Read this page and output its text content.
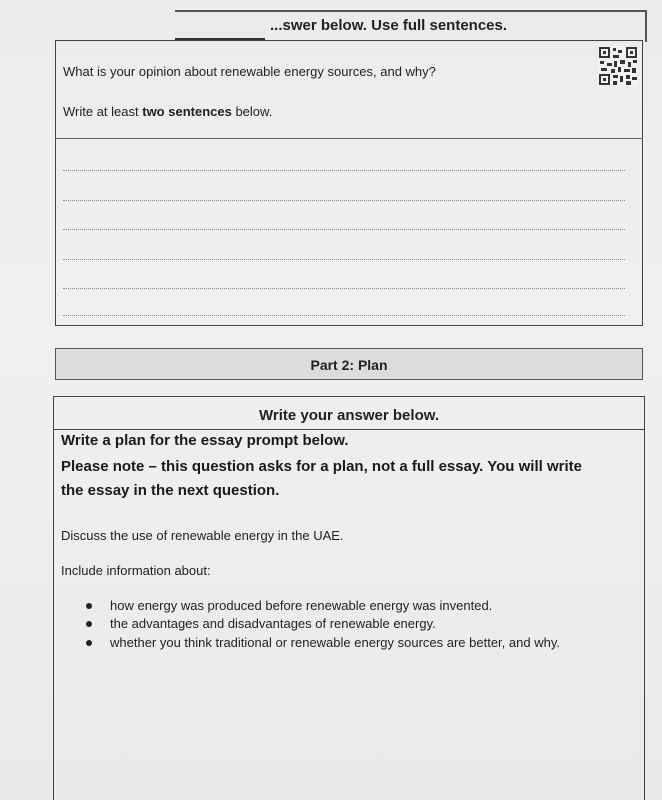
...swer below. Use full sentences.
What is your opinion about renewable energy sources, and why?
Write at least two sentences below.
Part 2: Plan
Write your answer below.
Write a plan for the essay prompt below.
Please note – this question asks for a plan, not a full essay. You will write
the essay in the next question.
Discuss the use of renewable energy in the UAE.
Include information about:
how energy was produced before renewable energy was invented.
the advantages and disadvantages of renewable energy.
whether you think traditional or renewable energy sources are better, and why.
